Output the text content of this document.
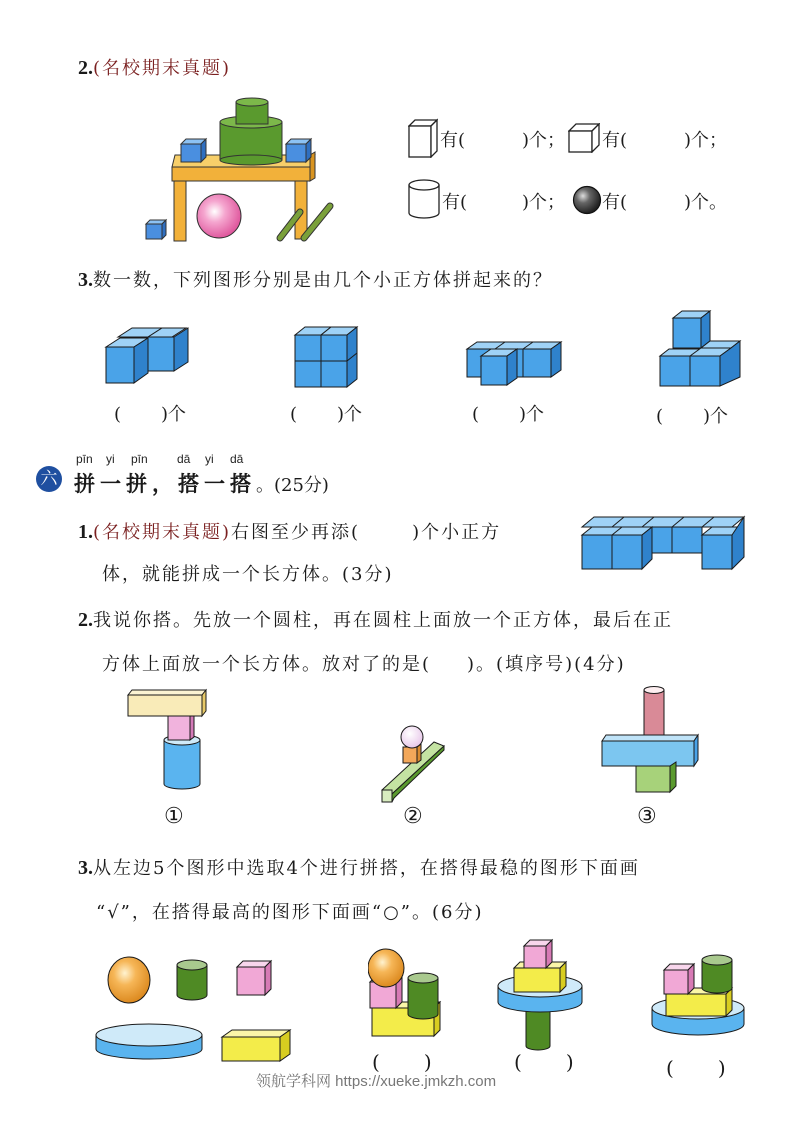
2.(名校期末真题)
有(	)个； 有(	)个；
有(	)个； 有(	)个。
3.数一数，下列图形分别是由几个小正方体拼起来的？
( )个	( )个	( )个	( )个
六
pīn yi pīn dā yi dā
拼一拼，搭一搭。(25分)
1.(名校期末真题)右图至少再添(	)个小正方
体，就能拼成一个长方体。(3分)
2.我说你搭。先放一个圆柱，再在圆柱上面放一个正方体，最后在正
方体上面放一个长方体。放对了的是( )。(填序号)(4分)
①	②	③
3.从左边5个图形中选取4个进行拼搭，在搭得最稳的图形下面画
“√”，在搭得最高的图形下面画“○”。(6分)
( )	( )	( )
领航学科网 https://xueke.jmkzh.com
